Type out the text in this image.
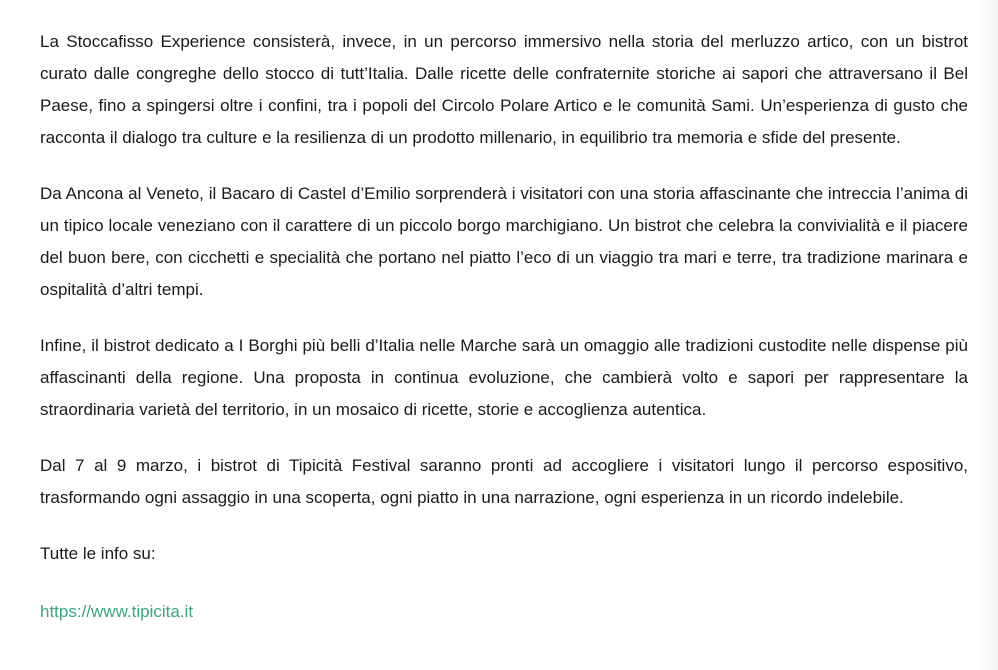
La Stoccafisso Experience consisterà, invece, in un percorso immersivo nella storia del merluzzo artico, con un bistrot curato dalle congreghe dello stocco di tutt’Italia. Dalle ricette delle confraternite storiche ai sapori che attraversano il Bel Paese, fino a spingersi oltre i confini, tra i popoli del Circolo Polare Artico e le comunità Sami. Un’esperienza di gusto che racconta il dialogo tra culture e la resilienza di un prodotto millenario, in equilibrio tra memoria e sfide del presente.

Da Ancona al Veneto, il Bacaro di Castel d’Emilio sorprenderà i visitatori con una storia affascinante che intreccia l’anima di un tipico locale veneziano con il carattere di un piccolo borgo marchigiano. Un bistrot che celebra la convivialità e il piacere del buon bere, con cicchetti e specialità che portano nel piatto l’eco di un viaggio tra mari e terre, tra tradizione marinara e ospitalità d’altri tempi.

Infine, il bistrot dedicato a I Borghi più belli d’Italia nelle Marche sarà un omaggio alle tradizioni custodite nelle dispense più affascinanti della regione. Una proposta in continua evoluzione, che cambierà volto e sapori per rappresentare la straordinaria varietà del territorio, in un mosaico di ricette, storie e accoglienza autentica.

Dal 7 al 9 marzo, i bistrot di Tipicità Festival saranno pronti ad accogliere i visitatori lungo il percorso espositivo, trasformando ogni assaggio in una scoperta, ogni piatto in una narrazione, ogni esperienza in un ricordo indelebile.

Tutte le info su:

https://www.tipicita.it
